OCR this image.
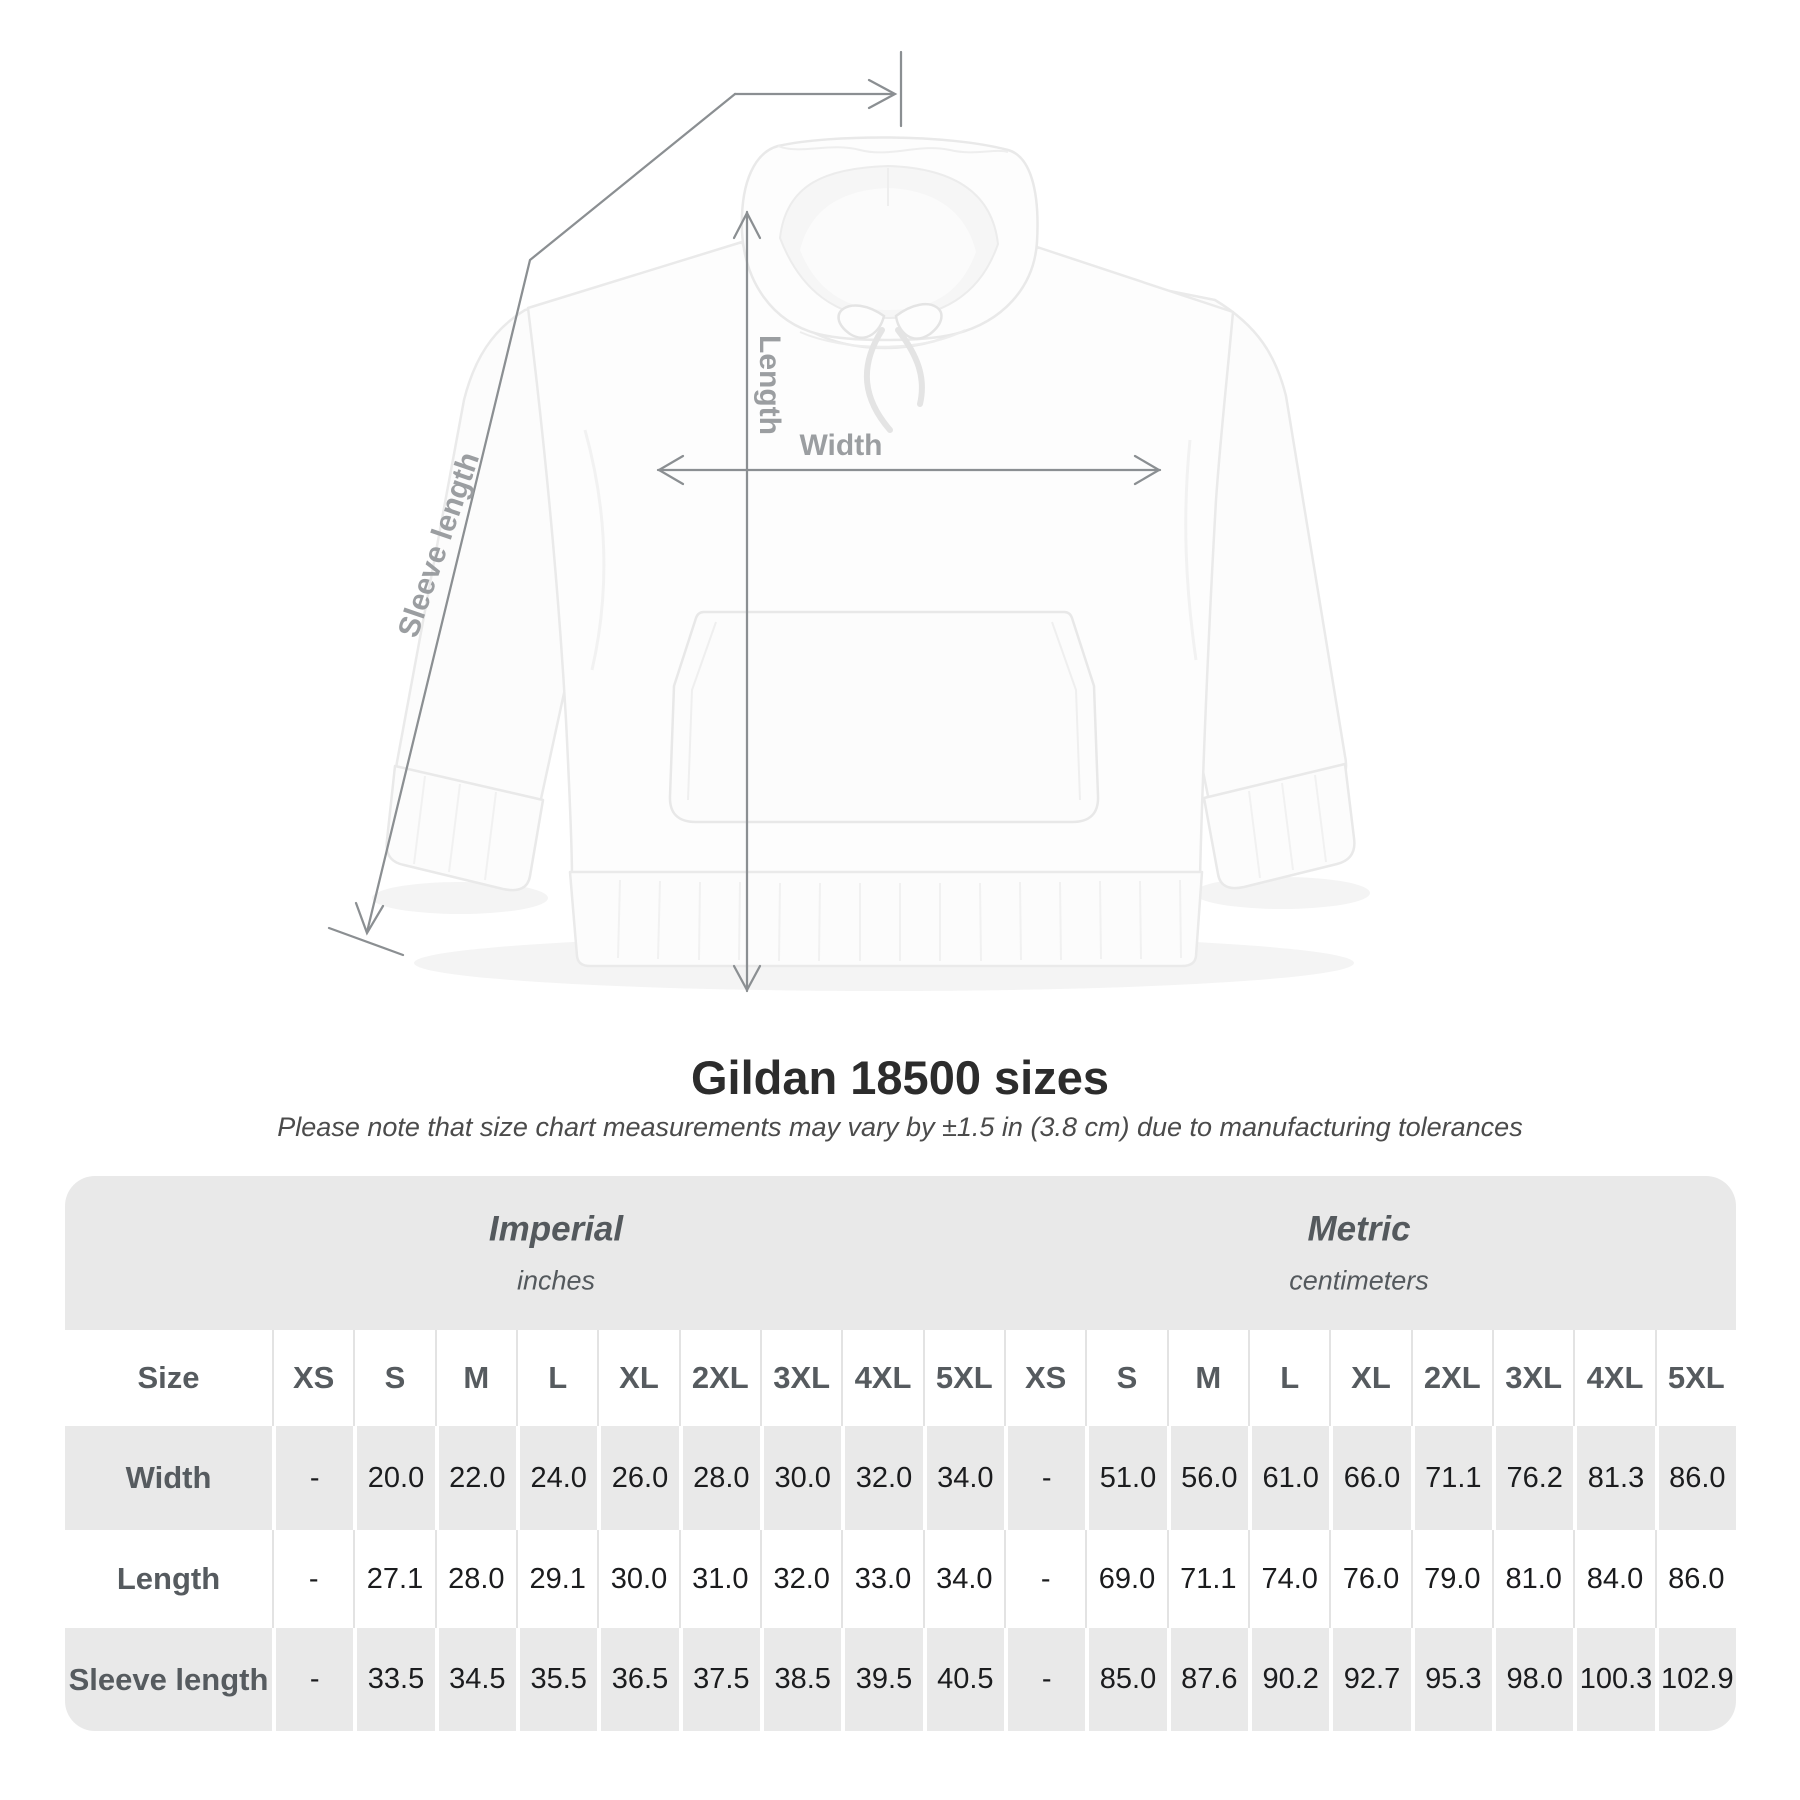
Width
Length
Sleeve length
Gildan 18500 sizes
Please note that size chart measurements may vary by ±1.5 in (3.8 cm) due to manufacturing tolerances
Imperial
inches
Metric
centimeters
Size	XS	S	M	L	XL	2XL 3XL 4XL 5XL	XS	S	M	L	XL	2XL 3XL 4XL 5XL
Width	-	20.0 22.0 24.0 26.0 28.0 30.0 32.0 34.0	-	51.0 56.0 61.0 66.0 71.1 76.2 81.3 86.0
Length	-	27.1 28.0 29.1 30.0 31.0 32.0 33.0 34.0	-	69.0 71.1 74.0 76.0 79.0 81.0 84.0 86.0
Sleeve length	-	33.5 34.5 35.5 36.5 37.5 38.5 39.5 40.5	-	85.0 87.6 90.2 92.7 95.3 98.0 100.3 102.9
